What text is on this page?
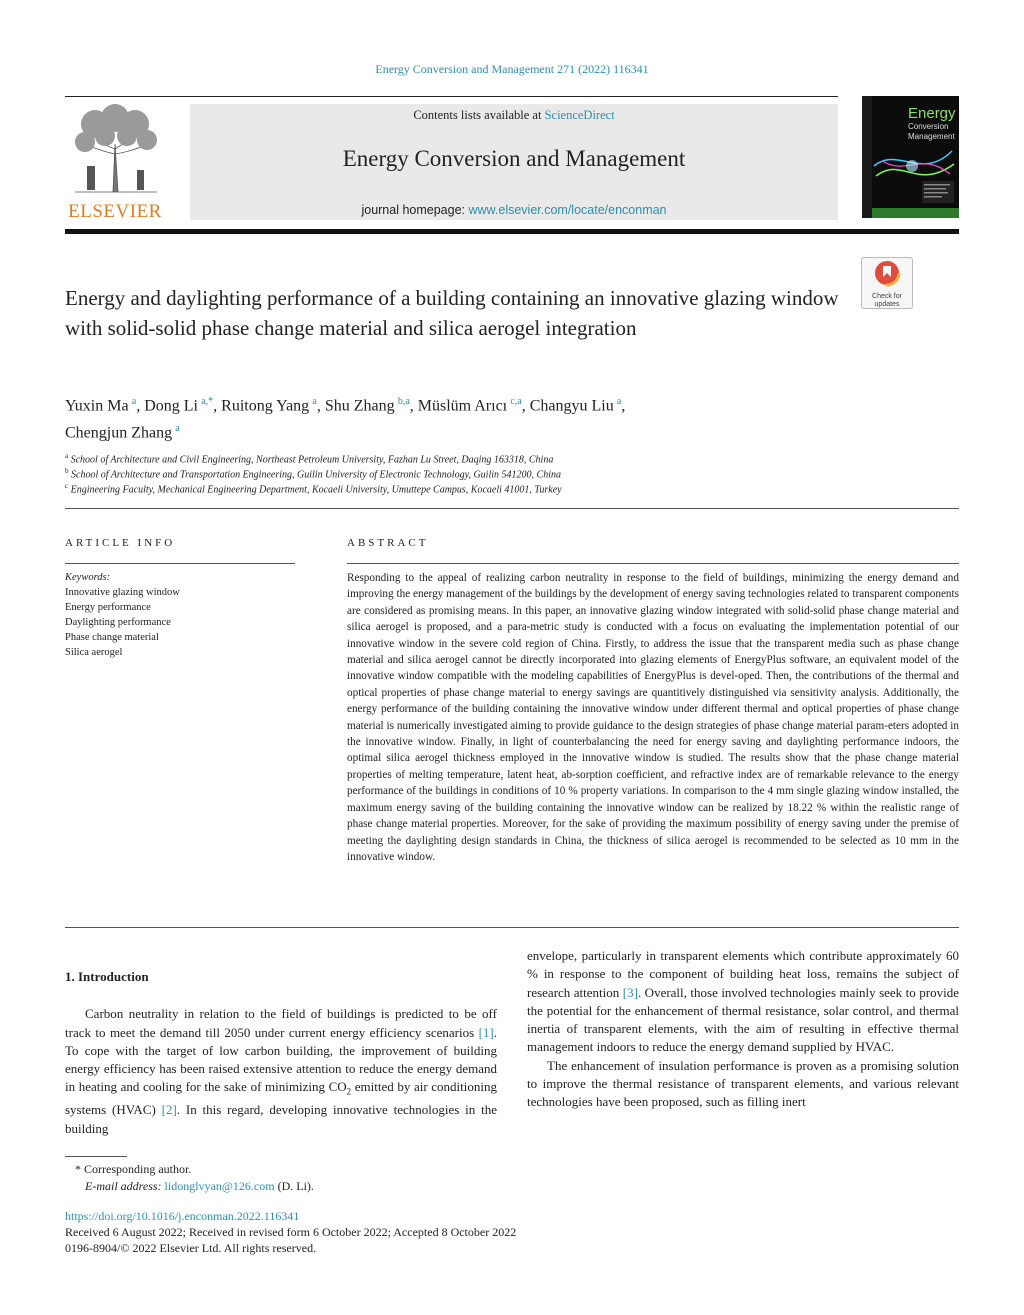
Energy Conversion and Management 271 (2022) 116341
ELSEVIER
Contents lists available at ScienceDirect
Energy Conversion and Management
journal homepage: www.elsevier.com/locate/enconman
Energy
Conversion
Management
Check for
updates
Energy and daylighting performance of a building containing an innovative glazing window with solid-solid phase change material and silica aerogel integration
Yuxin Ma  $^a$, Dong Li  $^{a,*}$, Ruitong Yang  $^a$, Shu Zhang  $^{b,a}$, Müslüm Arıcı  $^{c,a}$, Changyu Liu  $^a$,
Chengjun Zhang  $^a$
$^a$ School of Architecture and Civil Engineering, Northeast Petroleum University, Fazhan Lu Street, Daqing 163318, China
$^b$ School of Architecture and Transportation Engineering, Guilin University of Electronic Technology, Guilin 541200, China
$^c$ Engineering Faculty, Mechanical Engineering Department, Kocaeli University, Umuttepe Campus, Kocaeli 41001, Turkey
ARTICLE INFO	ABSTRACT
Keywords:
Innovative glazing window
Energy performance
Daylighting performance
Phase change material
Silica aerogel
Responding to the appeal of realizing carbon neutrality in response to the field of buildings, minimizing the energy demand and improving the energy management of the buildings by the development of energy saving technologies related to transparent components are considered as promising means. In this paper, an innovative glazing window integrated with solid-solid phase change material and silica aerogel is proposed, and a para-metric study is conducted with a focus on evaluating the implementation potential of our innovative window in the severe cold region of China. Firstly, to address the issue that the transparent media such as phase change material and silica aerogel cannot be directly incorporated into glazing elements of EnergyPlus software, an equivalent model of the innovative window compatible with the modeling capabilities of EnergyPlus is devel-oped. Then, the contributions of the thermal and optical properties of phase change material to energy savings are quantitively distinguished via sensitivity analysis. Additionally, the energy performance of the building containing the innovative window under different thermal and optical properties of phase change material is numerically investigated aiming to provide guidance to the design strategies of phase change material param-eters adopted in the innovative window. Finally, in light of counterbalancing the need for energy saving and daylighting performance indoors, the optimal silica aerogel thickness employed in the innovative window is studied. The results show that the phase change material properties of melting temperature, latent heat, ab-sorption coefficient, and refractive index are of remarkable relevance to the energy performance of the buildings in conditions of 10 % property variations. In comparison to the 4 mm single glazing window installed, the maximum energy saving of the building containing the innovative window can be realized by 18.22 % within the realistic range of phase change material properties. Moreover, for the sake of providing the maximum possibility of energy saving under the premise of meeting the daylighting design standards in China, the thickness of silica aerogel is recommended to be selected as 10 mm in the innovative window.

1. Introduction

Carbon neutrality in relation to the field of buildings is predicted to be off track to meet the demand till 2050 under current energy efficiency scenarios [1]. To cope with the target of low carbon building, the improvement of building energy efficiency has been raised extensive attention to reduce the energy demand in heating and cooling for the sake of minimizing $CO_2$ emitted by air conditioning systems (HVAC) [2]. In this regard, developing innovative technologies in the building

envelope, particularly in transparent elements which contribute approximately 60 % in response to the component of building heat loss, remains the subject of research attention [3]. Overall, those involved technologies mainly seek to provide the potential for the enhancement of thermal resistance, solar control, and thermal inertia of transparent elements, with the aim of resulting in effective thermal management indoors to reduce the energy demand supplied by HVAC.

The enhancement of insulation performance is proven as a promising solution to improve the thermal resistance of transparent elements, and various relevant technologies have been proposed, such as filling inert

* Corresponding author.
E-mail address: lidonglvyan@126.com (D. Li).
https://doi.org/10.1016/j.enconman.2022.116341
Received 6 August 2022; Received in revised form 6 October 2022; Accepted 8 October 2022
0196-8904/© 2022 Elsevier Ltd. All rights reserved.
